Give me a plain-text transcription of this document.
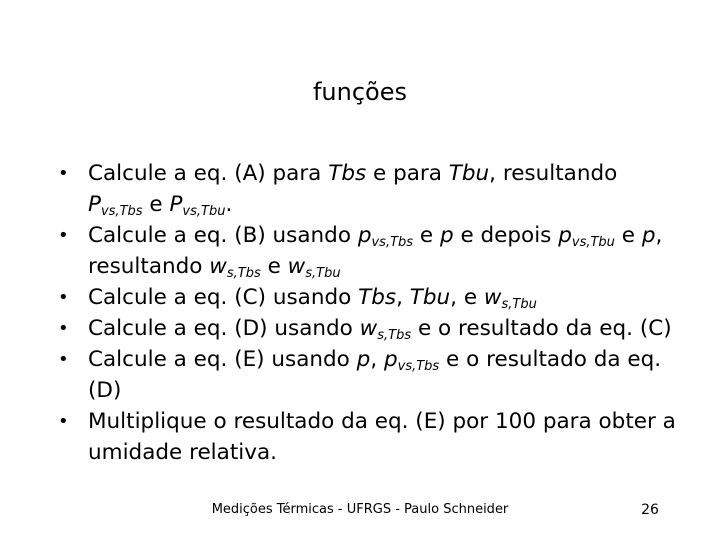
funções
• Calcule a eq. (A) para Tbs e para Tbu, resultando $P_{vs,Tbs}$ e $P_{vs,Tbu}$.
• Calcule a eq. (B) usando $p_{vs,Tbs}$ e p e depois $p_{vs,Tbu}$ e p, resultando $w_{s,Tbs}$ e $w_{s,Tbu}$
• Calcule a eq. (C) usando Tbs, Tbu, e $w_{s,Tbu}$
• Calcule a eq. (D) usando $w_{s,Tbs}$ e o resultado da eq. (C)
• Calcule a eq. (E) usando p, $p_{vs,Tbs}$ e o resultado da eq. (D)
• Multiplique o resultado da eq. (E) por 100 para obter a umidade relativa.
Medições Térmicas - UFRGS - Paulo Schneider	26
